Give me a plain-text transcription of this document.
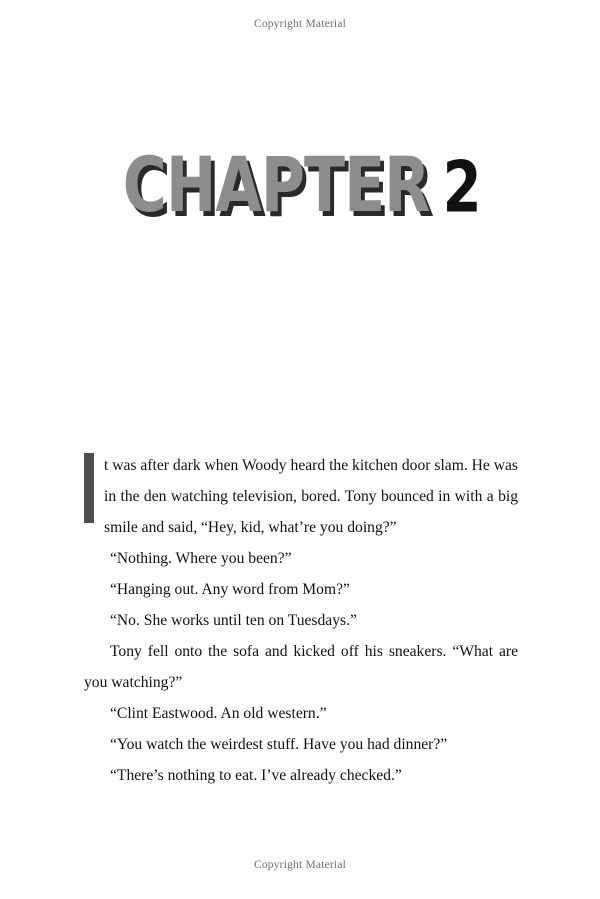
Copyright Material
CHAPTER 2

t was after dark when Woody heard the kitchen door slam. He was in the den watching television, bored. Tony bounced in with a big smile and said, “Hey, kid, what’re you doing?”

“Nothing. Where you been?”

“Hanging out. Any word from Mom?”

“No. She works until ten on Tuesdays.”

Tony fell onto the sofa and kicked off his sneakers. “What are you watching?”

“Clint Eastwood. An old western.”

“You watch the weirdest stuff. Have you had dinner?”

“There’s nothing to eat. I’ve already checked.”

Copyright Material
